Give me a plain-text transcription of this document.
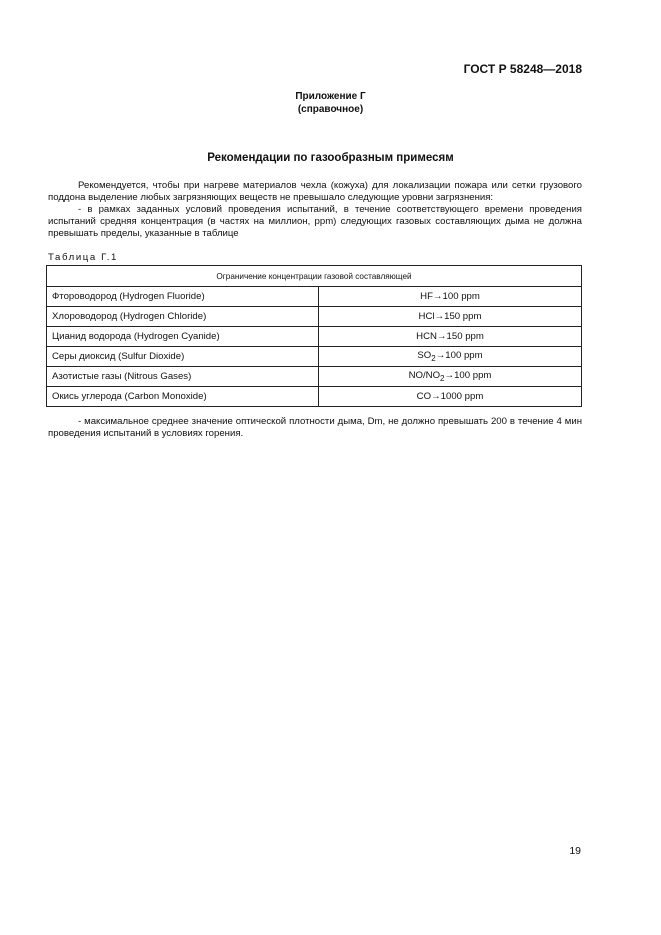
ГОСТ Р 58248—2018
Приложение Г
(справочное)
Рекомендации по газообразным примесям

Рекомендуется, чтобы при нагреве материалов чехла (кожуха) для локализации пожара или сетки грузового поддона выделение любых загрязняющих веществ не превышало следующие уровни загрязнения:

- в рамках заданных условий проведения испытаний, в течение соответствующего времени проведения испытаний средняя концентрация (в частях на миллион, ppm) следующих газовых составляющих дыма не должна превышать пределы, указанные в таблице

Таблица Г.1
Ограничение концентрации газовой составляющей	
Фтороводород (Hydrogen Fluoride)	HF→100 ppm
Хлороводород (Hydrogen Chloride)	HCl→150 ppm
Цианид водорода (Hydrogen Cyanide)	HCN→150 ppm
Серы диоксид (Sulfur Dioxide)	$SO_2\to 100$ ppm
Азотистые газы (Nitrous Gases)	$NO/NO_2\to 100$ ppm
Окись углерода (Carbon Monoxide)	CO→1000 ppm

- максимальное среднее значение оптической плотности дыма, Dm, не должно превышать 200 в течение 4 мин проведения испытаний в условиях горения.

19
